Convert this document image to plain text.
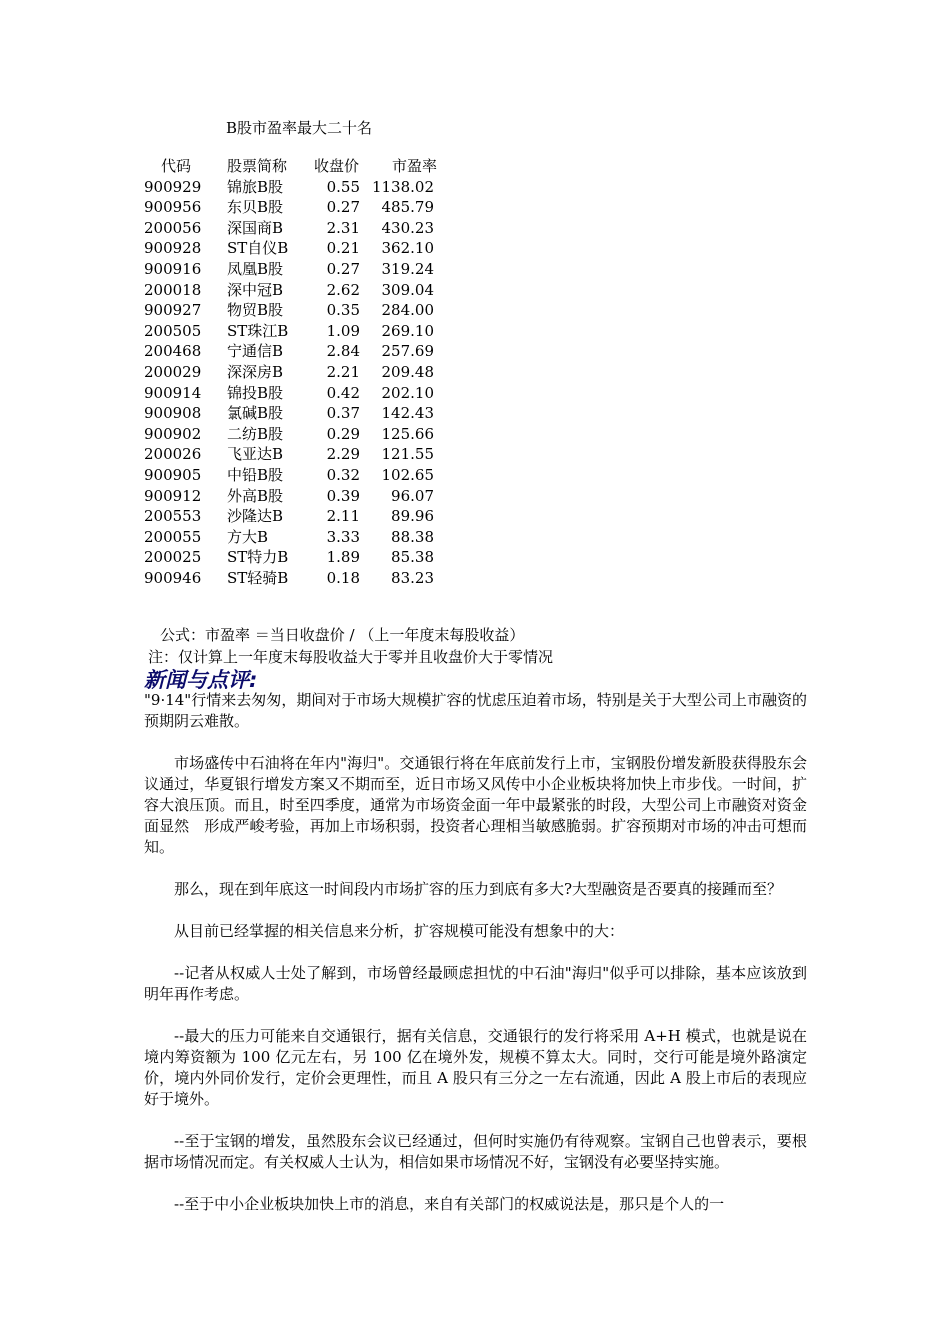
B股市盈率最大二十名
代码 股票简称 收盘价 市盈率
900929 锦旅B股	0.55 1138.02
900956 东贝B股	0.27	485.79
200056 深国商B	2.31	430.23
900928 ST自仪B	0.21	362.10
900916 凤凰B股	0.27	319.24
200018 深中冠B	2.62	309.04
900927 物贸B股	0.35	284.00
200505 ST珠江B	1.09	269.10
200468 宁通信B	2.84	257.69
200029 深深房B	2.21	209.48
900914 锦投B股	0.42	202.10
900908 氯碱B股	0.37	142.43
900902 二纺B股	0.29	125.66
200026 飞亚达B	2.29	121.55
900905 中铅B股	0.32	102.65
900912 外高B股	0.39	96.07
200553 沙隆达B	2.11	89.96
200055 方大B	3.33	88.38
200025 ST特力B	1.89	85.38
900946 ST轻骑B	0.18	83.23
公式：市盈率 ＝当日收盘价 / （上一年度末每股收益）
注：仅计算上一年度末每股收益大于零并且收盘价大于零情况
新闻与点评:

"9·14"行情来去匆匆，期间对于市场大规模扩容的忧虑压迫着市场，特别是关于大型公司上市融资的预期阴云难散。

市场盛传中石油将在年内"海归"。交通银行将在年底前发行上市，宝钢股份增发新股获得股东会议通过，华夏银行增发方案又不期而至，近日市场又风传中小企业板块将加快上市步伐。一时间，扩容大浪压顶。而且，时至四季度，通常为市场资金面一年中最紧张的时段，大型公司上市融资对资金面显然　形成严峻考验，再加上市场积弱，投资者心理相当敏感脆弱。扩容预期对市场的冲击可想而知。

那么，现在到年底这一时间段内市场扩容的压力到底有多大?大型融资是否要真的接踵而至？

从目前已经掌握的相关信息来分析，扩容规模可能没有想象中的大：

--记者从权威人士处了解到，市场曾经最顾虑担忧的中石油"海归"似乎可以排除，基本应该放到明年再作考虑。

--最大的压力可能来自交通银行，据有关信息，交通银行的发行将采用 A+H 模式，也就是说在境内筹资额为 100 亿元左右，另 100 亿在境外发，规模不算太大。同时，交行可能是境外路演定价，境内外同价发行，定价会更理性，而且 A 股只有三分之一左右流通，因此 A 股上市后的表现应好于境外。

--至于宝钢的增发，虽然股东会议已经通过，但何时实施仍有待观察。宝钢自己也曾表示，要根据市场情况而定。有关权威人士认为，相信如果市场情况不好，宝钢没有必要坚持实施。

--至于中小企业板块加快上市的消息，来自有关部门的权威说法是，那只是个人的一
